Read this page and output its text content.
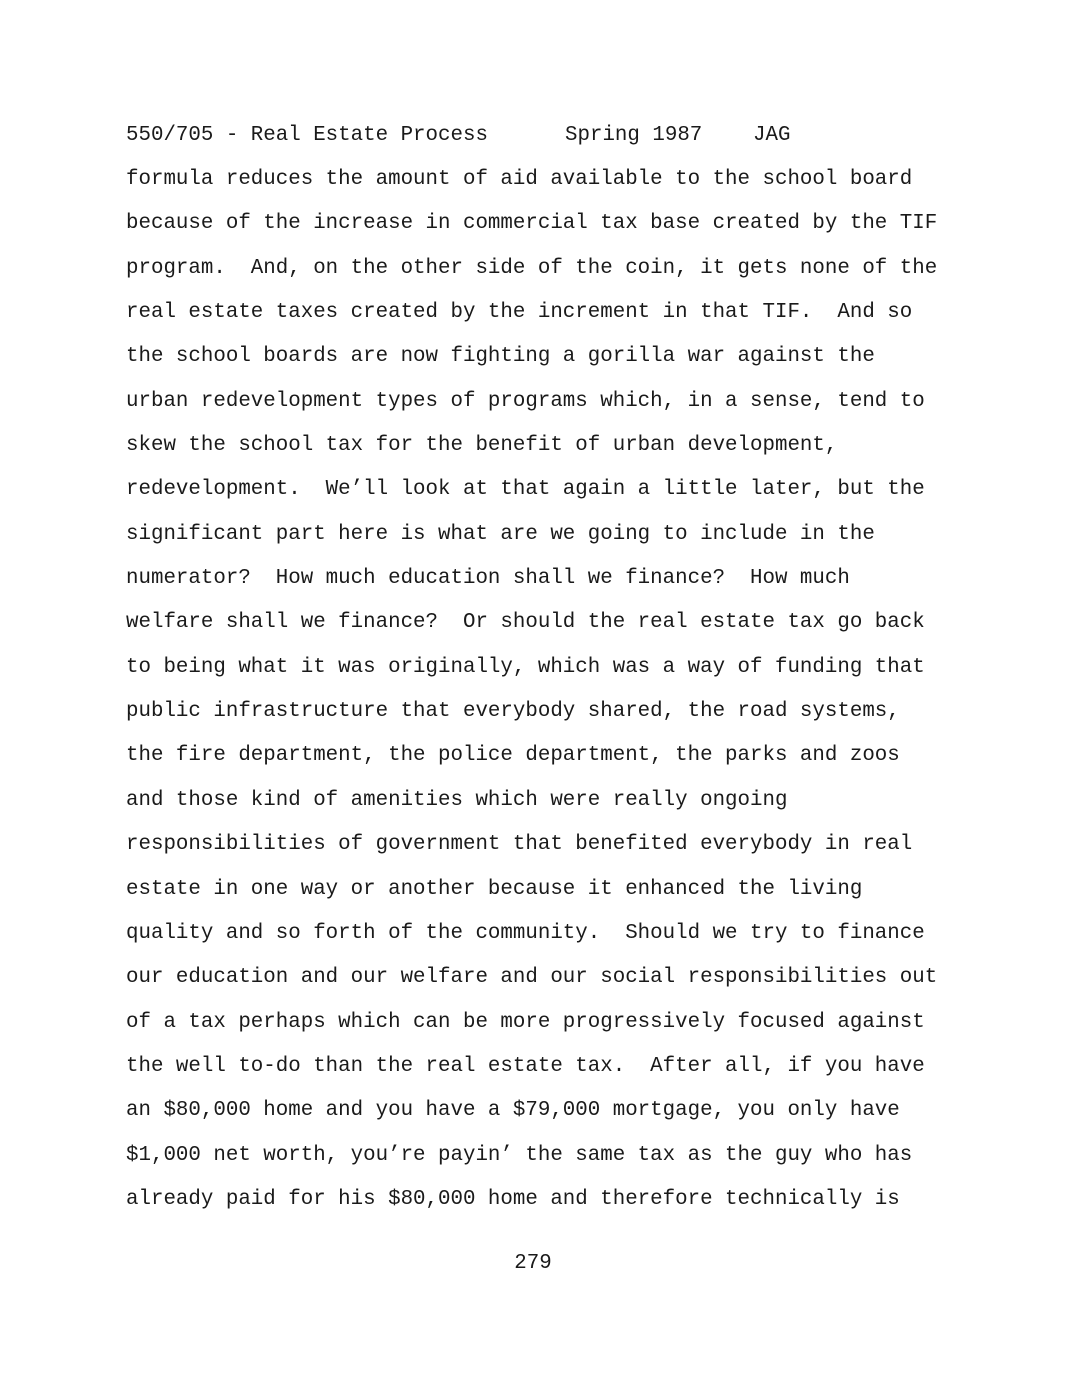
550/705 - Real Estate Process

	Spring 1987

JAG

formula reduces the amount of aid available to the school board
because of the increase in commercial tax base created by the TIF
program.  And, on the other side of the coin, it gets none of the
real estate taxes created by the increment in that TIF.  And so
the school boards are now fighting a gorilla war against the
urban redevelopment types of programs which, in a sense, tend to
skew the school tax for the benefit of urban development,
redevelopment.  We’ll look at that again a little later, but the
significant part here is what are we going to include in the
numerator?  How much education shall we finance?  How much
welfare shall we finance?  Or should the real estate tax go back
to being what it was originally, which was a way of funding that
public infrastructure that everybody shared, the road systems,
the fire department, the police department, the parks and zoos
and those kind of amenities which were really ongoing
responsibilities of government that benefited everybody in real
estate in one way or another because it enhanced the living
quality and so forth of the community.  Should we try to finance
our education and our welfare and our social responsibilities out
of a tax perhaps which can be more progressively focused against
the well to-do than the real estate tax.  After all, if you have
an $80,000 home and you have a $79,000 mortgage, you only have
$1,000 net worth, you’re payin’ the same tax as the guy who has
already paid for his $80,000 home and therefore technically is
279
